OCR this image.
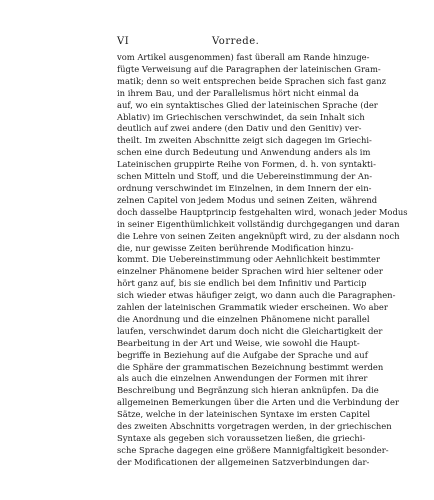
VI	Vorrede.
vom Artikel ausgenommen) fast überall am Rande hinzuge-
fügte Verweisung auf die Paragraphen der lateinischen Gram-
matik; denn so weit entsprechen beide Sprachen sich fast ganz
in ihrem Bau, und der Parallelismus hört nicht einmal da
auf, wo ein syntaktisches Glied der lateinischen Sprache (der
Ablativ) im Griechischen verschwindet, da sein Inhalt sich
deutlich auf zwei andere (den Dativ und den Genitiv) ver-
theilt. Im zweiten Abschnitte zeigt sich dagegen im Griechi-
schen eine durch Bedeutung und Anwendung anders als im
Lateinischen gruppirte Reihe von Formen, d. h. von syntakti-
schen Mitteln und Stoff, und die Uebereinstimmung der An-
ordnung verschwindet im Einzelnen, in dem Innern der ein-
zelnen Capitel von jedem Modus und seinen Zeiten, während
doch dasselbe Hauptprincip festgehalten wird, wonach jeder Modus
in seiner Eigenthümlichkeit vollständig durchgegangen und daran
die Lehre von seinen Zeiten angeknüpft wird, zu der alsdann noch
die, nur gewisse Zeiten berührende Modification hinzu-
kommt. Die Uebereinstimmung oder Aehnlichkeit bestimmter
einzelner Phänomene beider Sprachen wird hier seltener oder
hört ganz auf, bis sie endlich bei dem Infinitiv und Particip
sich wieder etwas häufiger zeigt, wo dann auch die Paragraphen-
zahlen der lateinischen Grammatik wieder erscheinen. Wo aber
die Anordnung und die einzelnen Phänomene nicht parallel
laufen, verschwindet darum doch nicht die Gleichartigkeit der
Bearbeitung in der Art und Weise, wie sowohl die Haupt-
begriffe in Beziehung auf die Aufgabe der Sprache und auf
die Sphäre der grammatischen Bezeichnung bestimmt werden
als auch die einzelnen Anwendungen der Formen mit ihrer
Beschreibung und Begränzung sich hieran anknüpfen. Da die
allgemeinen Bemerkungen über die Arten und die Verbindung der
Sätze, welche in der lateinischen Syntaxe im ersten Capitel
des zweiten Abschnitts vorgetragen werden, in der griechischen
Syntaxe als gegeben sich voraussetzen ließen, die griechi-
sche Sprache dagegen eine größere Mannigfaltigkeit besonder-
der Modificationen der allgemeinen Satzverbindungen dar-
